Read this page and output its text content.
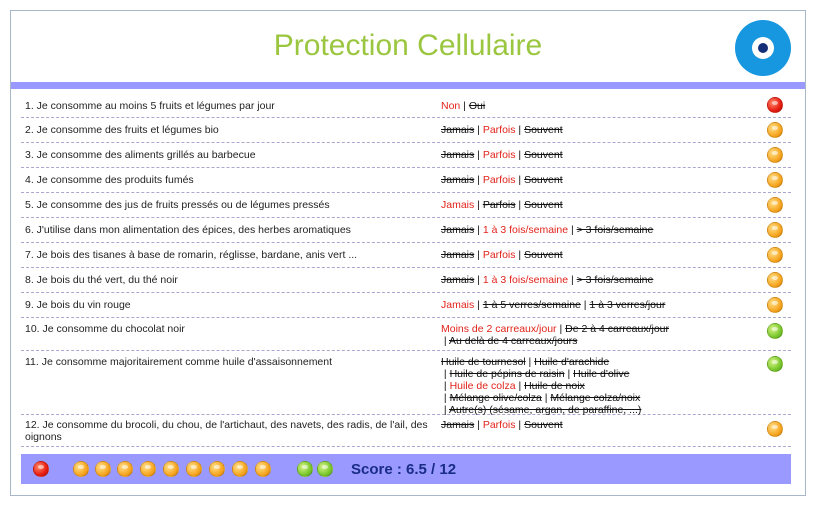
Protection Cellulaire
1. Je consomme au moins 5 fruits et légumes par jour	Non | Oui
2. Je consomme des fruits et légumes bio	Jamais | Parfois | Souvent
3. Je consomme des aliments grillés au barbecue	Jamais | Parfois | Souvent
4. Je consomme des produits fumés	Jamais | Parfois | Souvent
5. Je consomme des jus de fruits pressés ou de légumes pressés	Jamais | Parfois | Souvent
6. J'utilise dans mon alimentation des épices, des herbes aromatiques	Jamais | 1 à 3 fois/semaine | > 3 fois/semaine
7. Je bois des tisanes à base de romarin, réglisse, bardane, anis vert ...	Jamais | Parfois | Souvent
8. Je bois du thé vert, du thé noir	Jamais | 1 à 3 fois/semaine | > 3 fois/semaine
9. Je bois du vin rouge	Jamais | 1 à 5 verres/semaine | 1 à 3 verres/jour
10. Je consomme du chocolat noir	Moins de 2 carreaux/jour | De 2 à 4 carreaux/jour
| Au delà de 4 carreaux/jours
11. Je consomme majoritairement comme huile d'assaisonnement	Huile de tournesol | Huile d'arachide
| Huile de pépins de raisin | Huile d'olive
| Huile de colza | Huile de noix
| Mélange olive/colza | Mélange colza/noix
| Autre(s) (sésame, argan, de paraffine, ...)
12. Je consomme du brocoli, du chou, de l'artichaut, des navets, des radis, de l'ail, des oignons
Jamais | Parfois | Souvent
Score : 6.5 / 12
